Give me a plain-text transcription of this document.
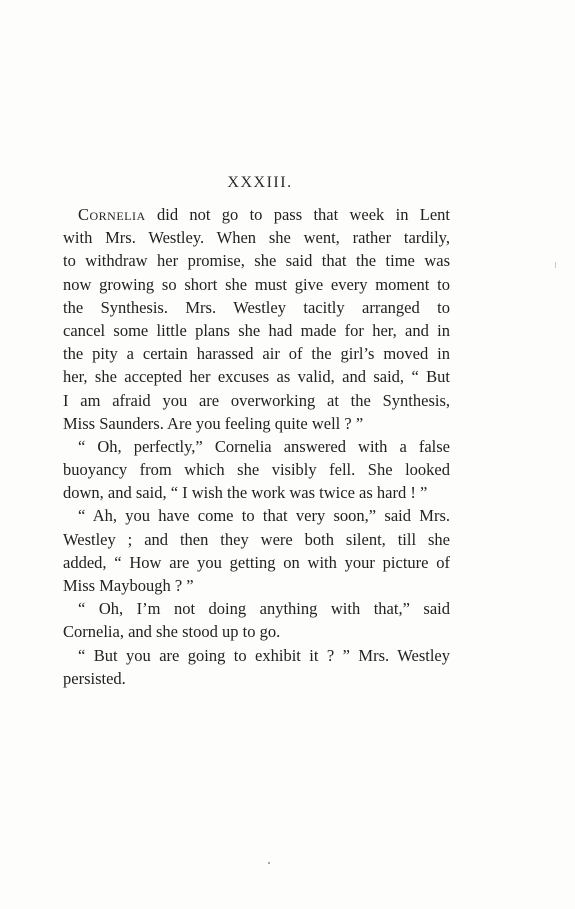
XXXIII.
Cornelia did not go to pass that week in Lent
with Mrs. Westley. When she went, rather tardily,
to withdraw her promise, she said that the time was
now growing so short she must give every moment to
the Synthesis. Mrs. Westley tacitly arranged to
cancel some little plans she had made for her, and in
the pity a certain harassed air of the girl’s moved in
her, she accepted her excuses as valid, and said, “ But
I am afraid you are overworking at the Synthesis,
Miss Saunders. Are you feeling quite well ? ”
“ Oh, perfectly,” Cornelia answered with a false
buoyancy from which she visibly fell. She looked
down, and said, “ I wish the work was twice as hard ! ”
“ Ah, you have come to that very soon,” said Mrs.
Westley ; and then they were both silent, till she
added, “ How are you getting on with your picture of
Miss Maybough ? ”
“ Oh, I’m not doing anything with that,” said
Cornelia, and she stood up to go.
“ But you are going to exhibit it ? ” Mrs. Westley
persisted.
